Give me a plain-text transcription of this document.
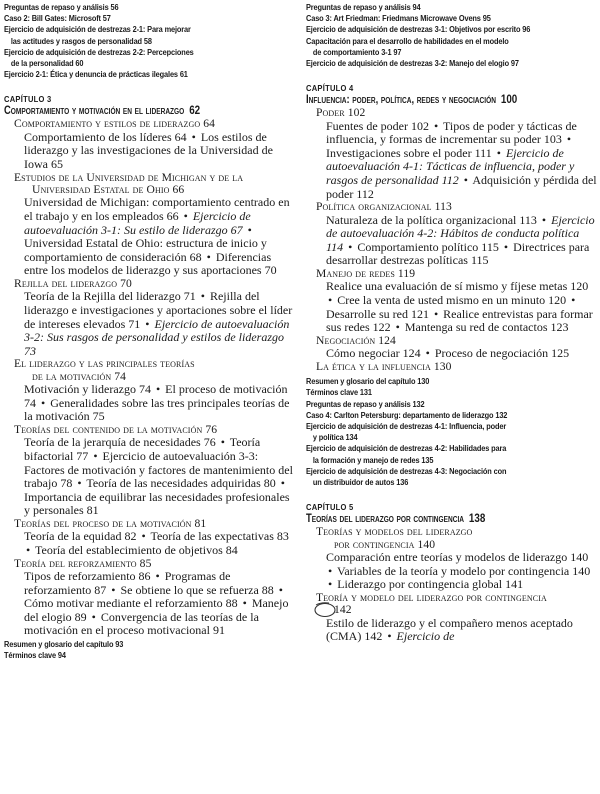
Preguntas de repaso y análisis 56
Caso 2: Bill Gates: Microsoft 57
Ejercicio de adquisición de destrezas 2-1: Para mejorar
las actitudes y rasgos de personalidad 58
Ejercicio de adquisición de destrezas 2-2: Percepciones
de la personalidad 60
Ejercicio 2-1: Ética y denuncia de prácticas ilegales 61
CAPÍTULO 3
Comportamiento y motivación en el liderazgo 62
Comportamiento y estilos de liderazgo 64
Comportamiento de los líderes 64 • Los estilos de liderazgo y las investigaciones de la Universidad de Iowa 65
Estudios de la Universidad de Michigan y de la
Universidad Estatal de Ohio 66
Universidad de Michigan: comportamiento centrado en el trabajo y en los empleados 66 • Ejercicio de autoevaluación 3-1: Su estilo de liderazgo 67 • Universidad Estatal de Ohio: estructura de inicio y comportamiento de consideración 68 • Diferencias entre los modelos de liderazgo y sus aportaciones 70
Rejilla del liderazgo 70
Teoría de la Rejilla del liderazgo 71 • Rejilla del liderazgo e investigaciones y aportaciones sobre el líder de intereses elevados 71 • Ejercicio de autoevaluación 3-2: Sus rasgos de personalidad y estilos de liderazgo 73
El liderazgo y las principales teorías
de la motivación 74
Motivación y liderazgo 74 • El proceso de motivación 74 • Generalidades sobre las tres principales teorías de la motivación 75
Teorías del contenido de la motivación 76
Teoría de la jerarquía de necesidades 76 • Teoría bifactorial 77 • Ejercicio de autoevaluación 3-3: Factores de motivación y factores de mantenimiento del trabajo 78 • Teoría de las necesidades adquiridas 80 • Importancia de equilibrar las necesidades profesionales y personales 81
Teorías del proceso de la motivación 81
Teoría de la equidad 82 • Teoría de las expectativas 83 • Teoría del establecimiento de objetivos 84
Teoría del reforzamiento 85
Tipos de reforzamiento 86 • Programas de reforzamiento 87 • Se obtiene lo que se refuerza 88 • Cómo motivar mediante el reforzamiento 88 • Manejo del elogio 89 • Convergencia de las teorías de la motivación en el proceso motivacional 91
Resumen y glosario del capítulo 93
Términos clave 94
Preguntas de repaso y análisis 94
Caso 3: Art Friedman: Friedmans Microwave Ovens 95
Ejercicio de adquisición de destrezas 3-1: Objetivos por escrito 96
Capacitación para el desarrollo de habilidades en el modelo
de comportamiento 3-1 97
Ejercicio de adquisición de destrezas 3-2: Manejo del elogio 97
CAPÍTULO 4
Influencia: poder, política, redes y negociación 100
Poder 102
Fuentes de poder 102 • Tipos de poder y tácticas de influencia, y formas de incrementar su poder 103 • Investigaciones sobre el poder 111 • Ejercicio de autoevaluación 4-1: Tácticas de influencia, poder y rasgos de personalidad 112 • Adquisición y pérdida del poder 112
Política organizacional 113
Naturaleza de la política organizacional 113 • Ejercicio de autoevaluación 4-2: Hábitos de conducta política 114 • Comportamiento político 115 • Directrices para desarrollar destrezas políticas 115
Manejo de redes 119
Realice una evaluación de sí mismo y fíjese metas 120 • Cree la venta de usted mismo en un minuto 120 • Desarrolle su red 121 • Realice entrevistas para formar sus redes 122 • Mantenga su red de contactos 123
Negociación 124
Cómo negociar 124 • Proceso de negociación 125
La ética y la influencia 130
Resumen y glosario del capítulo 130
Términos clave 131
Preguntas de repaso y análisis 132
Caso 4: Carlton Petersburg: departamento de liderazgo 132
Ejercicio de adquisición de destrezas 4-1: Influencia, poder
y política 134
Ejercicio de adquisición de destrezas 4-2: Habilidades para
la formación y manejo de redes 135
Ejercicio de adquisición de destrezas 4-3: Negociación con
un distribuidor de autos 136
CAPÍTULO 5
Teorías del liderazgo por contingencia 138
Teorías y modelos del liderazgo
por contingencia 140
Comparación entre teorías y modelos de liderazgo 140 • Variables de la teoría y modelo por contingencia 140 • Liderazgo por contingencia global 141
Teoría y modelo del liderazgo por contingencia
142
Estilo de liderazgo y el compañero menos aceptado (CMA) 142 • Ejercicio de
